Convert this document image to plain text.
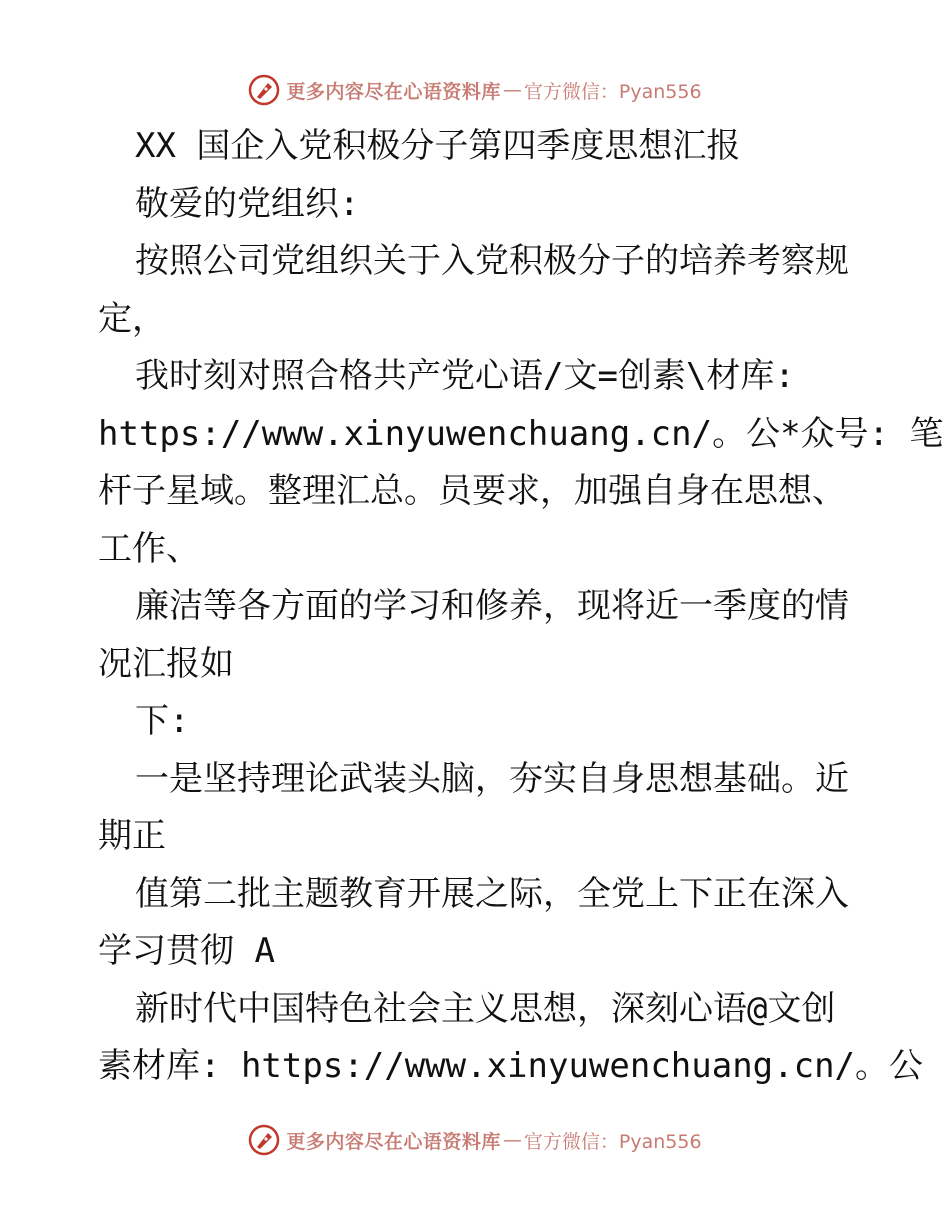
更多内容尽在心语资料库 — 官方微信：Pyan556

XX 国企入党积极分子第四季度思想汇报

敬爱的党组织:

按照公司党组织关于入党积极分子的培养考察规

定，

我时刻对照合格共产党心语/文=创素\材库:

https://www.xinyuwenchuang.cn/。公*众号: 笔

杆子星域。整理汇总。员要求，加强自身在思想、

工作、

廉洁等各方面的学习和修养，现将近一季度的情

况汇报如

下:

一是坚持理论武装头脑，夯实自身思想基础。近

期正

值第二批主题教育开展之际，全党上下正在深入

学习贯彻 A

新时代中国特色社会主义思想，深刻心语@文创

素材库: https://www.xinyuwenchuang.cn/。公

更多内容尽在心语资料库 — 官方微信：Pyan556
